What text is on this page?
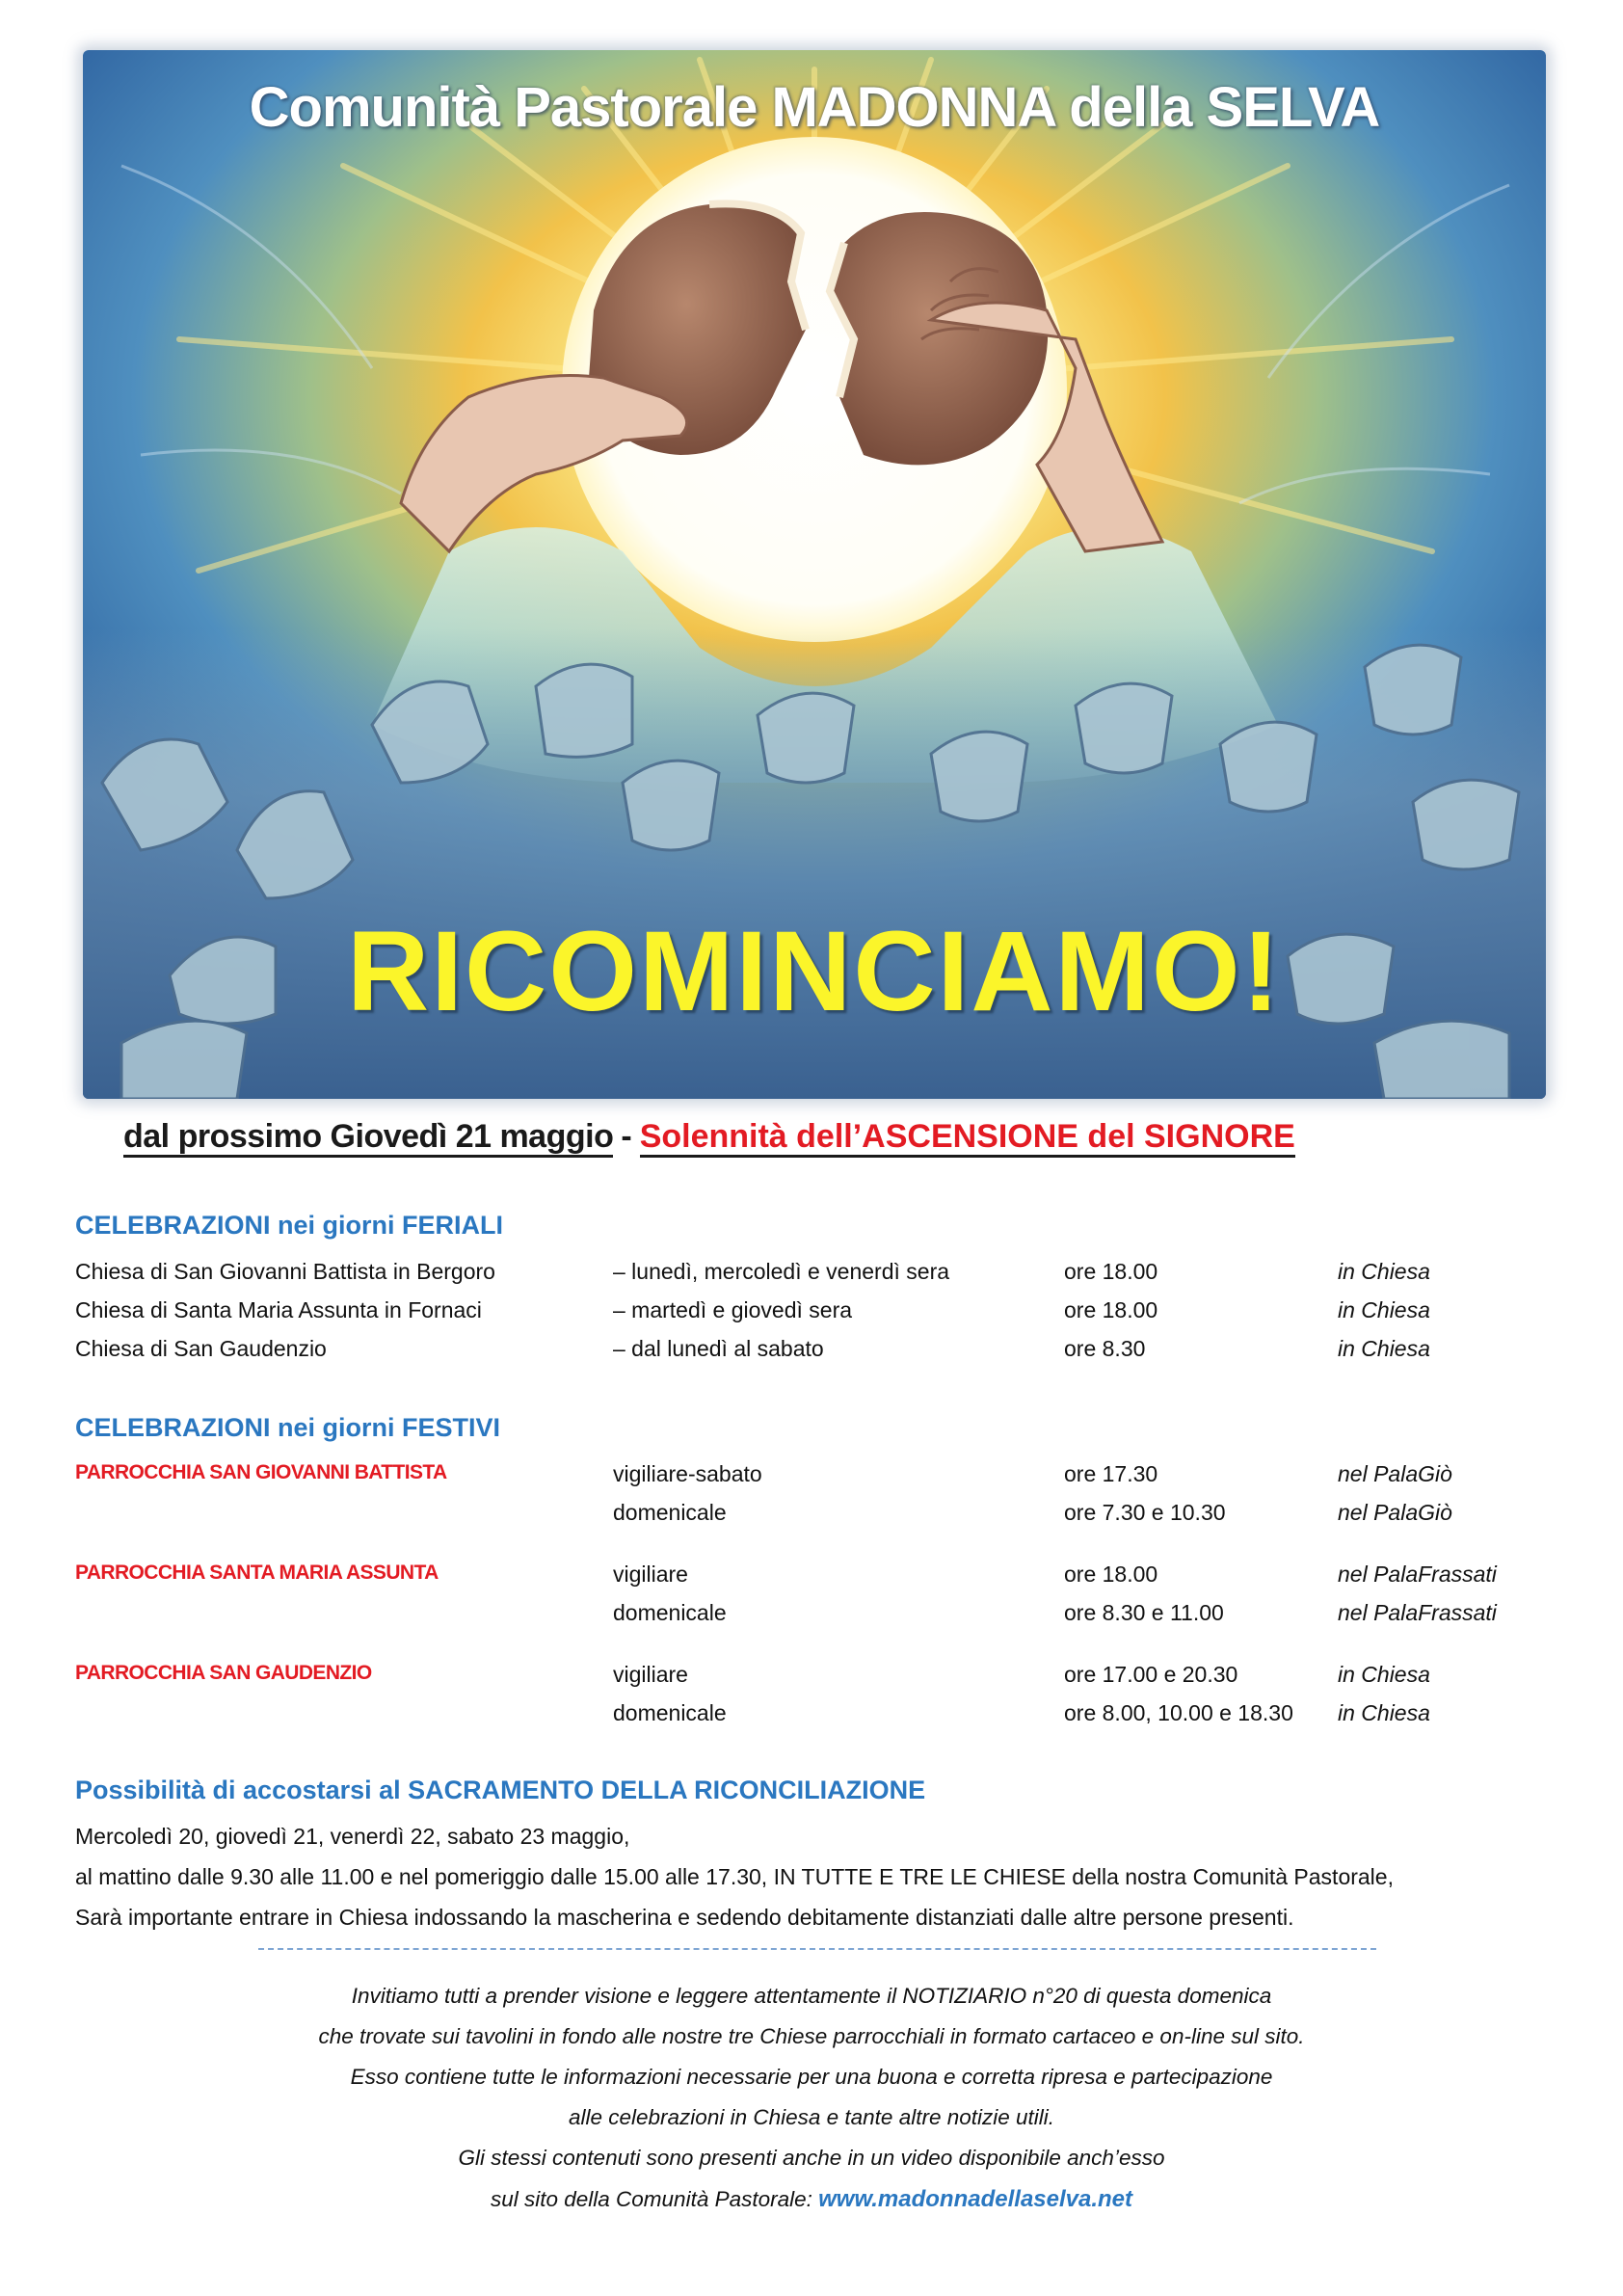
Comunità Pastorale MADONNA della SELVA
RICOMINCIAMO!
dal prossimo Giovedì 21 maggio - Solennità dell’ASCENSIONE del SIGNORE
CELEBRAZIONI nei giorni FERIALI
Chiesa di San Giovanni Battista in Bergoro	– lunedì, mercoledì e venerdì sera	ore 18.00	in Chiesa
Chiesa di Santa Maria Assunta in Fornaci	– martedì e giovedì sera	ore 18.00	in Chiesa
Chiesa di San Gaudenzio	– dal lunedì al sabato	ore 8.30	in Chiesa
CELEBRAZIONI nei giorni FESTIVI
PARROCCHIA SAN GIOVANNI BATTISTA	vigiliare-sabato	ore 17.30	nel PalaGiò
domenicale	ore 7.30 e 10.30	nel PalaGiò
PARROCCHIA SANTA MARIA ASSUNTA	vigiliare	ore 18.00	nel PalaFrassati
domenicale	ore 8.30 e 11.00	nel PalaFrassati
PARROCCHIA SAN GAUDENZIO	vigiliare	ore 17.00 e 20.30	in Chiesa
domenicale	ore 8.00, 10.00 e 18.30 in Chiesa
Possibilità di accostarsi al SACRAMENTO DELLA RICONCILIAZIONE
Mercoledì 20, giovedì 21, venerdì 22, sabato 23 maggio,
al mattino dalle 9.30 alle 11.00 e nel pomeriggio dalle 15.00 alle 17.30, IN TUTTE E TRE LE CHIESE della nostra Comunità Pastorale,
Sarà importante entrare in Chiesa indossando la mascherina e sedendo debitamente distanziati dalle altre persone presenti.
Invitiamo tutti a prender visione e leggere attentamente il NOTIZIARIO n°20 di questa domenica
che trovate sui tavolini in fondo alle nostre tre Chiese parrocchiali in formato cartaceo e on-line sul sito.
Esso contiene tutte le informazioni necessarie per una buona e corretta ripresa e partecipazione
alle celebrazioni in Chiesa e tante altre notizie utili.
Gli stessi contenuti sono presenti anche in un video disponibile anch’esso
sul sito della Comunità Pastorale: www.madonnadellaselva.net
